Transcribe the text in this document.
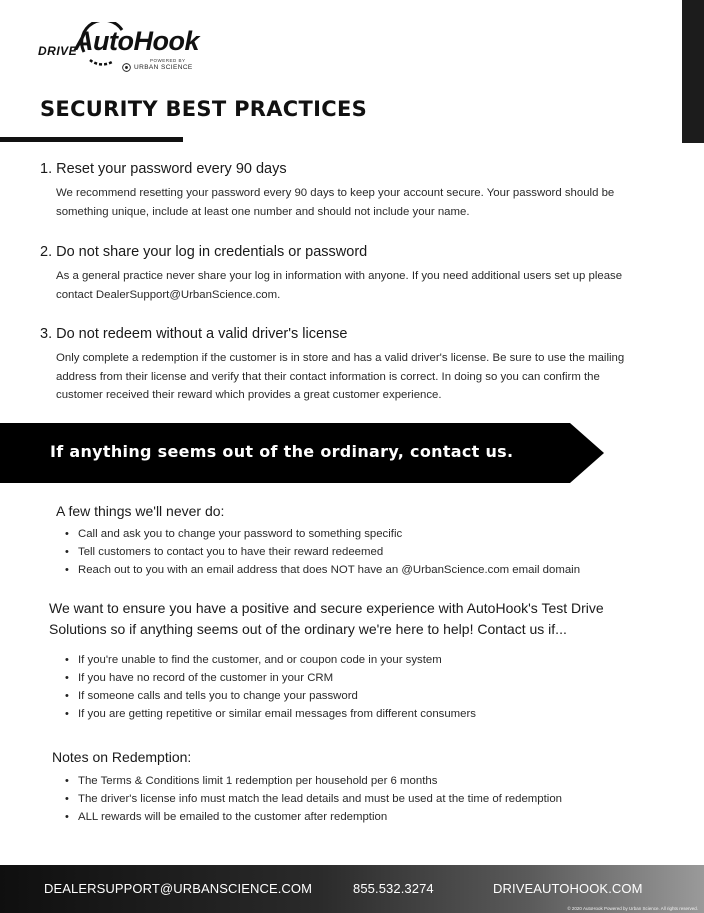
DRIVE
AutoHook
POWERED BY
URBAN SCIENCE
SECURITY BEST PRACTICES
1. Reset your password every 90 days

We recommend resetting your password every 90 days to keep your account secure. Your password should be something unique, include at least one number and should not include your name.

2. Do not share your log in credentials or password

As a general practice never share your log in information with anyone. If you need additional users set up please contact DealerSupport@UrbanScience.com.

3. Do not redeem without a valid driver's license

Only complete a redemption if the customer is in store and has a valid driver's license. Be sure to use the mailing address from their license and verify that their contact information is correct. In doing so you can confirm the customer received their reward which provides a great customer experience.

If anything seems out of the ordinary, contact us.
A few things we'll never do:
• Call and ask you to change your password to something specific
• Tell customers to contact you to have their reward redeemed
• Reach out to you with an email address that does NOT have an @UrbanScience.com email domain

We want to ensure you have a positive and secure experience with AutoHook's Test Drive Solutions so if anything seems out of the ordinary we're here to help! Contact us if...

• If you're unable to find the customer, and or coupon code in your system
• If you have no record of the customer in your CRM
• If someone calls and tells you to change your password
• If you are getting repetitive or similar email messages from different consumers
Notes on Redemption:
• The Terms & Conditions limit 1 redemption per household per 6 months
• The driver's license info must match the lead details and must be used at the time of redemption
• ALL rewards will be emailed to the customer after redemption
DEALERSUPPORT@URBANSCIENCE.COM	855.532.3274	DRIVEAUTOHOOK.COM
© 2020 AutoHook Powered by Urban Science. All rights reserved.
